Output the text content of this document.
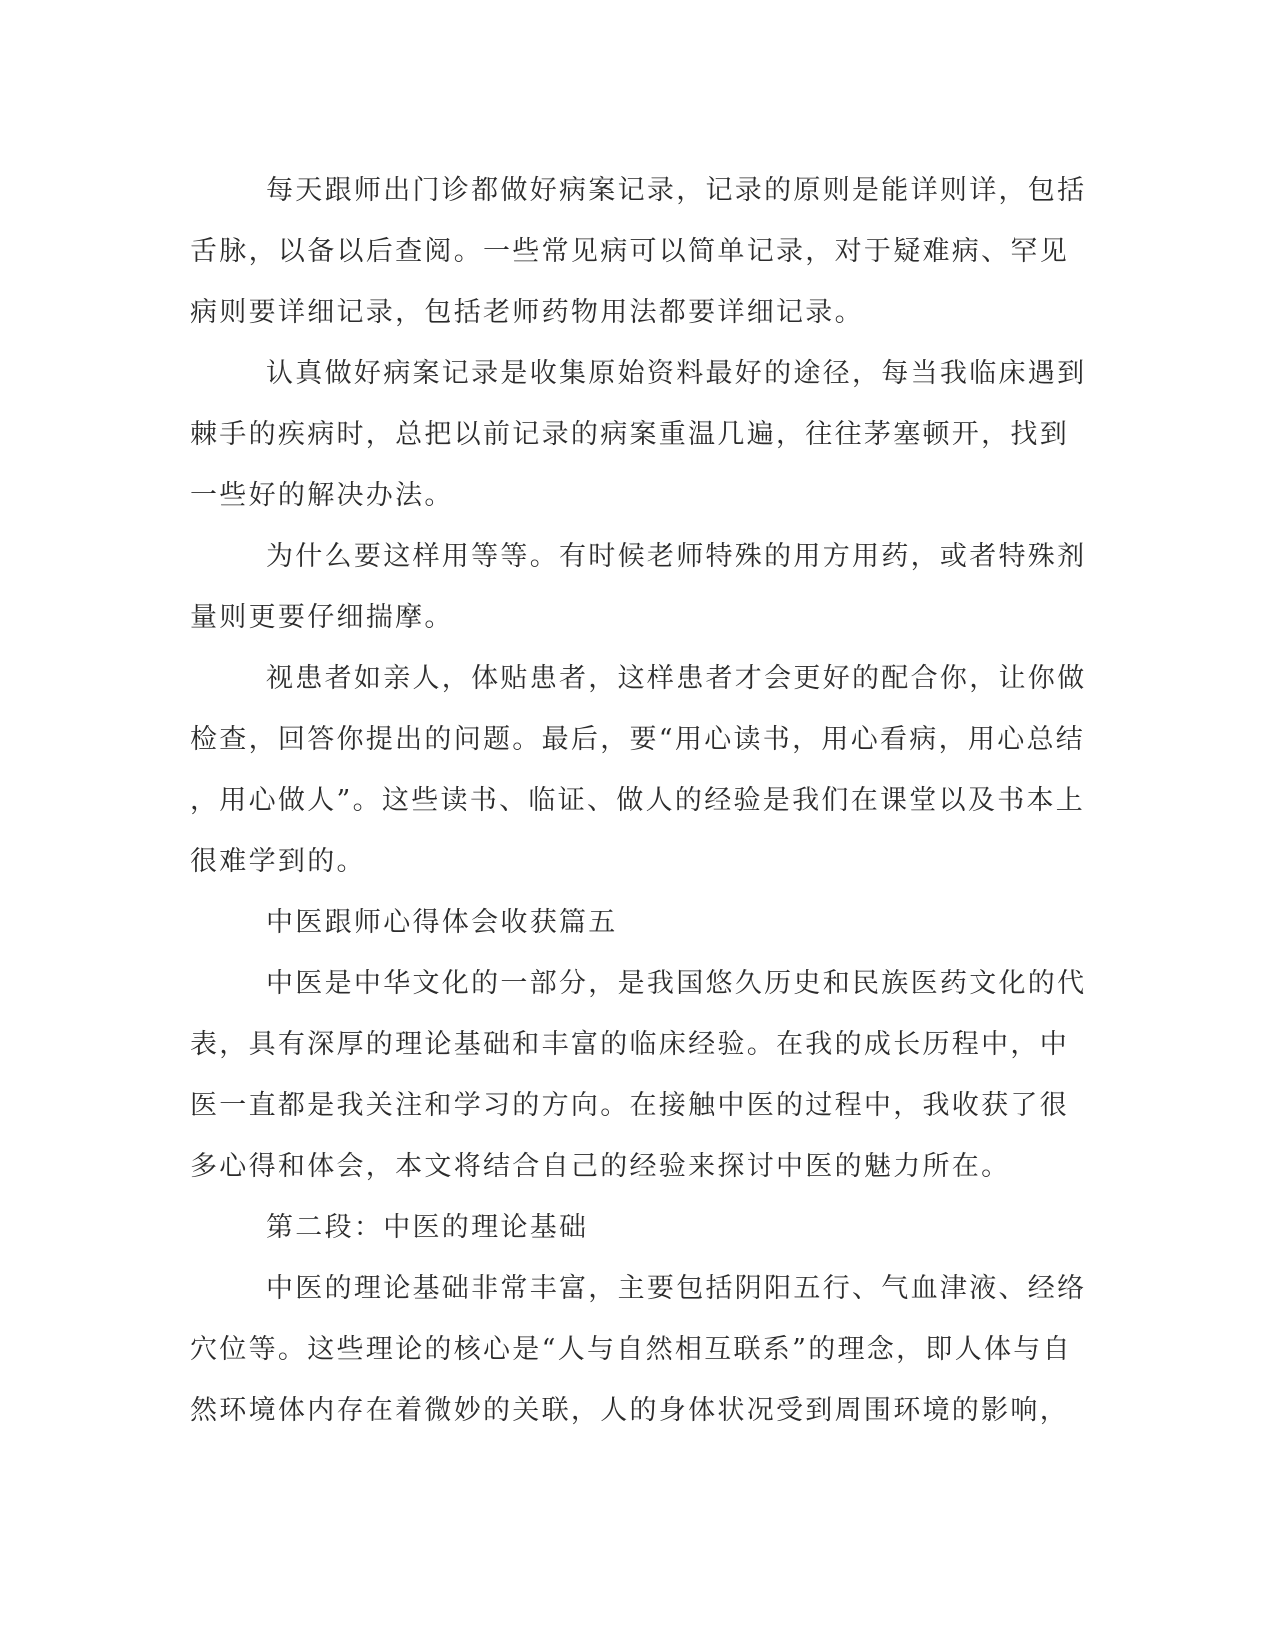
每天跟师出门诊都做好病案记录，记录的原则是能详则详，包括
舌脉，以备以后查阅。一些常见病可以简单记录，对于疑难病、罕见
病则要详细记录，包括老师药物用法都要详细记录。

认真做好病案记录是收集原始资料最好的途径，每当我临床遇到
棘手的疾病时，总把以前记录的病案重温几遍，往往茅塞顿开，找到
一些好的解决办法。

为什么要这样用等等。有时候老师特殊的用方用药，或者特殊剂
量则更要仔细揣摩。

视患者如亲人，体贴患者，这样患者才会更好的配合你，让你做
检查，回答你提出的问题。最后，要“用心读书，用心看病，用心总结
，用心做人”。这些读书、临证、做人的经验是我们在课堂以及书本上
很难学到的。

中医跟师心得体会收获篇五

中医是中华文化的一部分，是我国悠久历史和民族医药文化的代
表，具有深厚的理论基础和丰富的临床经验。在我的成长历程中，中
医一直都是我关注和学习的方向。在接触中医的过程中，我收获了很
多心得和体会，本文将结合自己的经验来探讨中医的魅力所在。

第二段：中医的理论基础

中医的理论基础非常丰富，主要包括阴阳五行、气血津液、经络
穴位等。这些理论的核心是“人与自然相互联系”的理念，即人体与自
然环境体内存在着微妙的关联，人的身体状况受到周围环境的影响，
